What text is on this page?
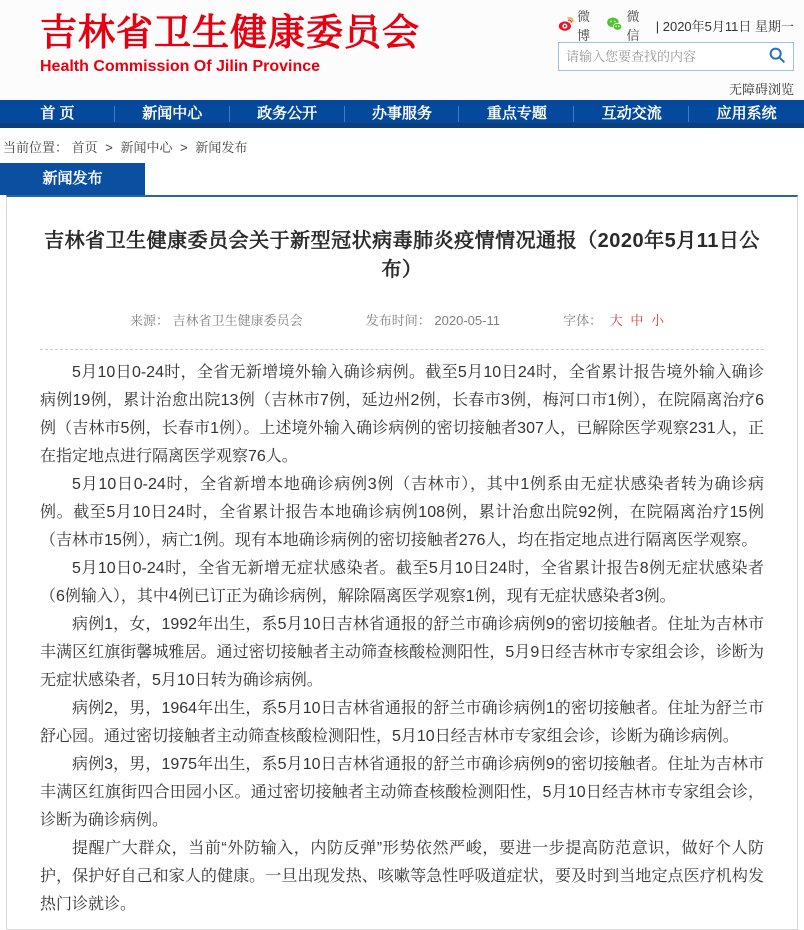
吉林省卫生健康委员会
Health Commission Of Jilin Province
微博
微信
| 2020年5月11日 星期一
请输入您要查找的内容
无障碍浏览
首 页	新闻中心	政务公开	办事服务	重点专题	互动交流	应用系统
当前位置： 首页 > 新闻中心 > 新闻发布
新闻发布
吉林省卫生健康委员会关于新型冠状病毒肺炎疫情情况通报（2020年5月11日公布）
来源： 吉林省卫生健康委员会	发布时间： 2020-05-11	字体： 大 中 小

5月10日0-24时，全省无新增境外输入确诊病例。截至5月10日24时，全省累计报告境外输入确诊病例19例，累计治愈出院13例（吉林市7例，延边州2例，长春市3例，梅河口市1例），在院隔离治疗6例（吉林市5例，长春市1例）。上述境外输入确诊病例的密切接触者307人，已解除医学观察231人，正在指定地点进行隔离医学观察76人。

5月10日0-24时，全省新增本地确诊病例3例（吉林市），其中1例系由无症状感染者转为确诊病例。截至5月10日24时，全省累计报告本地确诊病例108例，累计治愈出院92例，在院隔离治疗15例（吉林市15例），病亡1例。现有本地确诊病例的密切接触者276人，均在指定地点进行隔离医学观察。

5月10日0-24时，全省无新增无症状感染者。截至5月10日24时，全省累计报告8例无症状感染者（6例输入），其中4例已订正为确诊病例，解除隔离医学观察1例，现有无症状感染者3例。

病例1，女，1992年出生，系5月10日吉林省通报的舒兰市确诊病例9的密切接触者。住址为吉林市丰满区红旗街馨城雅居。通过密切接触者主动筛查核酸检测阳性，5月9日经吉林市专家组会诊，诊断为无症状感染者，5月10日转为确诊病例。

病例2，男，1964年出生，系5月10日吉林省通报的舒兰市确诊病例1的密切接触者。住址为舒兰市舒心园。通过密切接触者主动筛查核酸检测阳性，5月10日经吉林市专家组会诊，诊断为确诊病例。

病例3，男，1975年出生，系5月10日吉林省通报的舒兰市确诊病例9的密切接触者。住址为吉林市丰满区红旗街四合田园小区。通过密切接触者主动筛查核酸检测阳性，5月10日经吉林市专家组会诊，诊断为确诊病例。

提醒广大群众，当前“外防输入，内防反弹”形势依然严峻，要进一步提高防范意识，做好个人防护，保护好自己和家人的健康。一旦出现发热、咳嗽等急性呼吸道症状，要及时到当地定点医疗机构发热门诊就诊。
